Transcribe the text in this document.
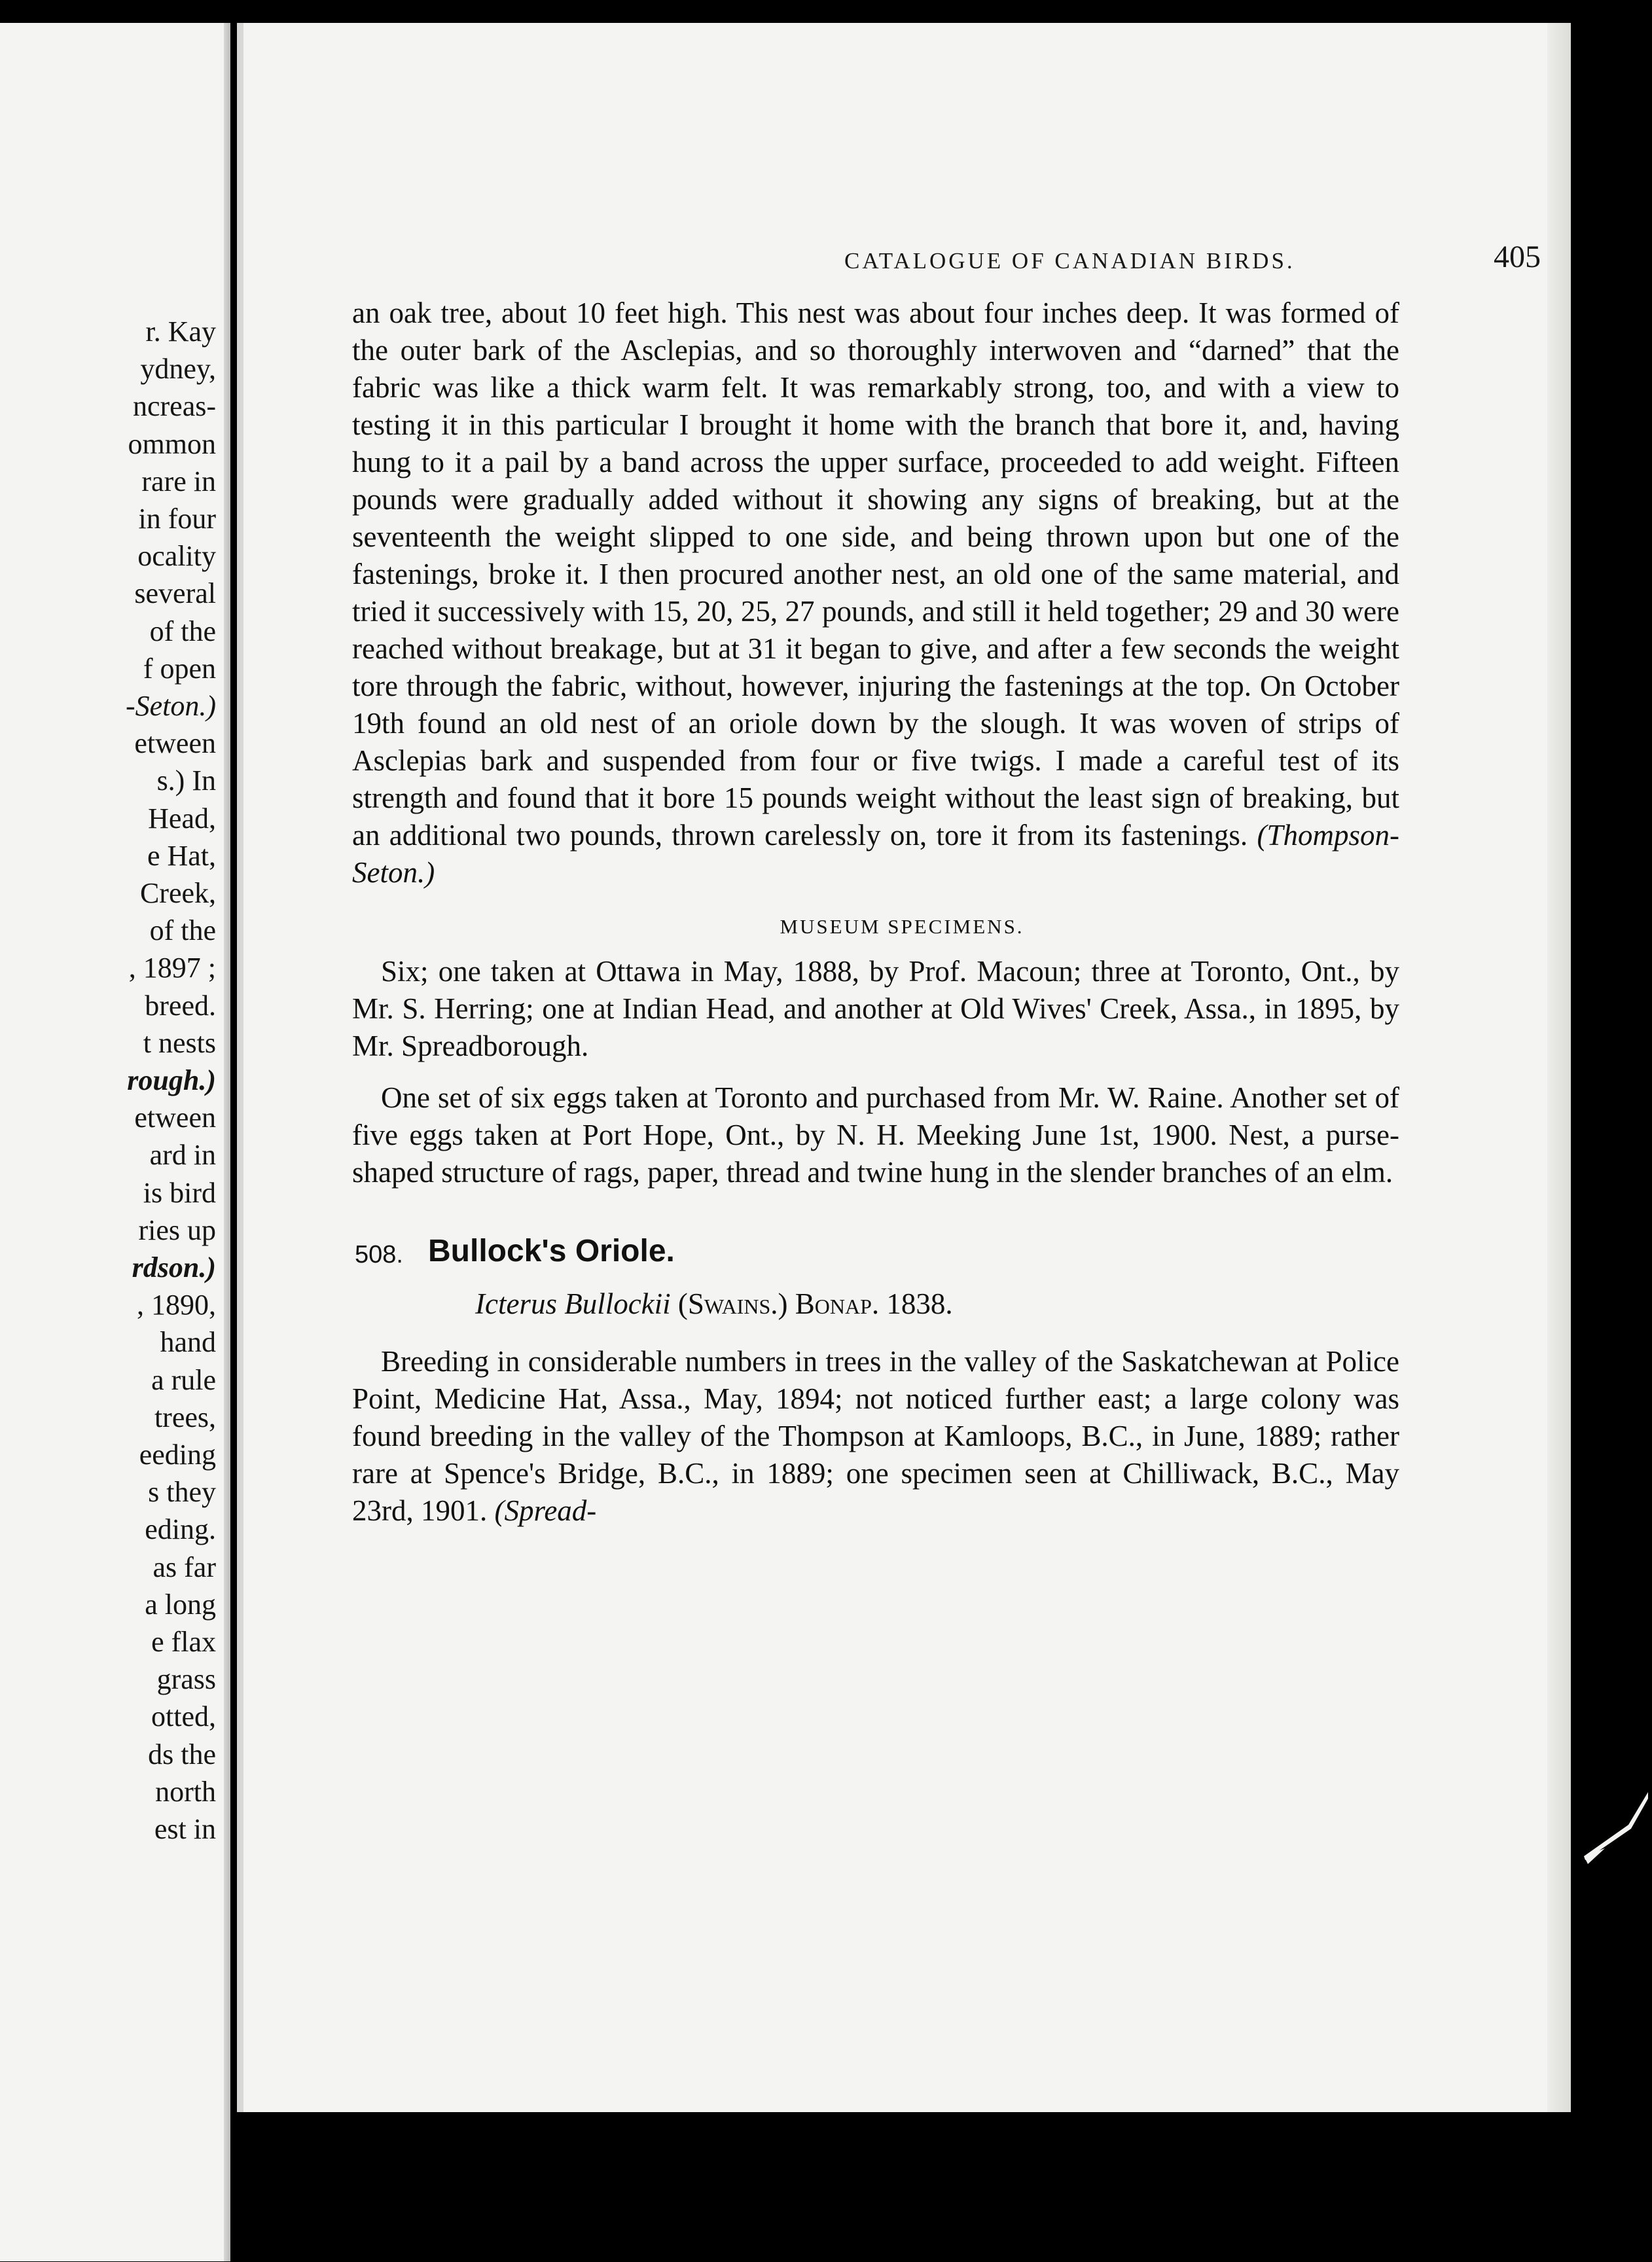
r. Kay
ydney,
ncreas-
ommon
rare in
in four
ocality
several
of the
f open
-Seton.)
etween
s.) In
Head,
e Hat,
Creek,
of the
, 1897 ;
breed.
t nests
rough.)
etween
ard in
is bird
ries up
rdson.)
, 1890,
hand
a rule
trees,
eeding
s they
eding.
as far
a long
e flax
grass
otted,
ds the
north
est in
CATALOGUE OF CANADIAN BIRDS.	405

an oak tree, about 10 feet high. This nest was about four inches deep. It was formed of the outer bark of the Asclepias, and so thoroughly interwoven and “darned” that the fabric was like a thick warm felt. It was remarkably strong, too, and with a view to testing it in this particular I brought it home with the branch that bore it, and, having hung to it a pail by a band across the upper surface, proceeded to add weight. Fifteen pounds were gradually added without it showing any signs of breaking, but at the seventeenth the weight slipped to one side, and being thrown upon but one of the fastenings, broke it. I then procured another nest, an old one of the same material, and tried it successively with 15, 20, 25, 27 pounds, and still it held together; 29 and 30 were reached without breakage, but at 31 it began to give, and after a few seconds the weight tore through the fabric, without, however, injuring the fastenings at the top. On October 19th found an old nest of an oriole down by the slough. It was woven of strips of Asclepias bark and suspended from four or five twigs. I made a careful test of its strength and found that it bore 15 pounds weight without the least sign of breaking, but an additional two pounds, thrown carelessly on, tore it from its fastenings. (Thompson-Seton.)

MUSEUM SPECIMENS.

Six; one taken at Ottawa in May, 1888, by Prof. Macoun; three at Toronto, Ont., by Mr. S. Herring; one at Indian Head, and another at Old Wives' Creek, Assa., in 1895, by Mr. Spreadborough.

One set of six eggs taken at Toronto and purchased from Mr. W. Raine. Another set of five eggs taken at Port Hope, Ont., by N. H. Meeking June 1st, 1900. Nest, a purse-shaped structure of rags, paper, thread and twine hung in the slender branches of an elm.

508. Bullock's Oriole.
Icterus Bullockii (Swains.) Bonap. 1838.

Breeding in considerable numbers in trees in the valley of the Saskatchewan at Police Point, Medicine Hat, Assa., May, 1894; not noticed further east; a large colony was found breeding in the valley of the Thompson at Kamloops, B.C., in June, 1889; rather rare at Spence's Bridge, B.C., in 1889; one specimen seen at Chilliwack, B.C., May 23rd, 1901. (Spread-
